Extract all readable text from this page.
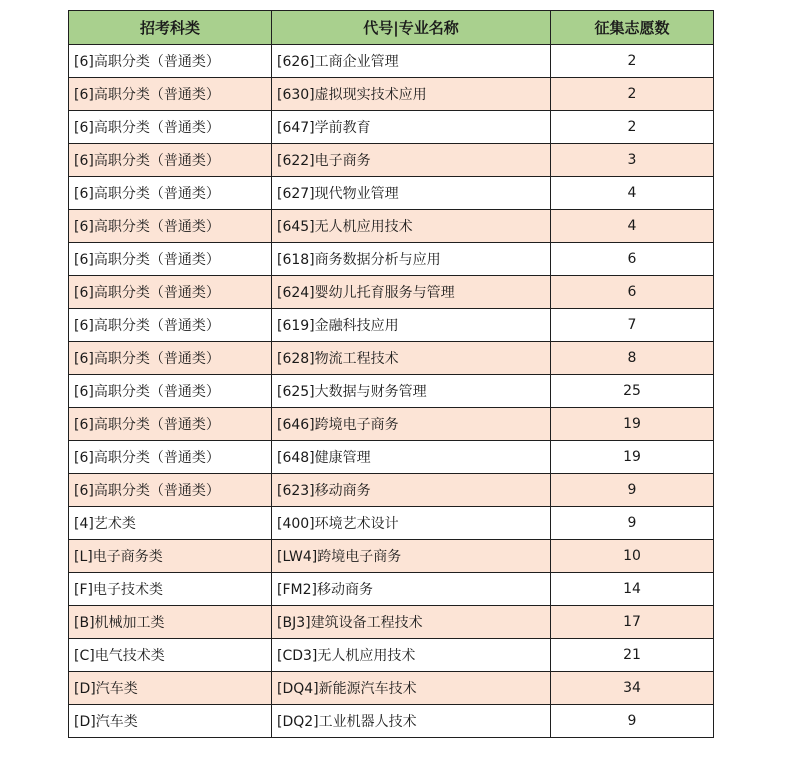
招考科类	代号|专业名称	征集志愿数
[6]高职分类（普通类）	[626]工商企业管理	2
[6]高职分类（普通类）	[630]虚拟现实技术应用	2
[6]高职分类（普通类）	[647]学前教育	2
[6]高职分类（普通类）	[622]电子商务	3
[6]高职分类（普通类）	[627]现代物业管理	4
[6]高职分类（普通类）	[645]无人机应用技术	4
[6]高职分类（普通类）	[618]商务数据分析与应用	6
[6]高职分类（普通类）	[624]婴幼儿托育服务与管理	6
[6]高职分类（普通类）	[619]金融科技应用	7
[6]高职分类（普通类）	[628]物流工程技术	8
[6]高职分类（普通类）	[625]大数据与财务管理	25
[6]高职分类（普通类）	[646]跨境电子商务	19
[6]高职分类（普通类）	[648]健康管理	19
[6]高职分类（普通类）	[623]移动商务	9
[4]艺术类	[400]环境艺术设计	9
[L]电子商务类	[LW4]跨境电子商务	10
[F]电子技术类	[FM2]移动商务	14
[B]机械加工类	[BJ3]建筑设备工程技术	17
[C]电气技术类	[CD3]无人机应用技术	21
[D]汽车类	[DQ4]新能源汽车技术	34
[D]汽车类	[DQ2]工业机器人技术	9
